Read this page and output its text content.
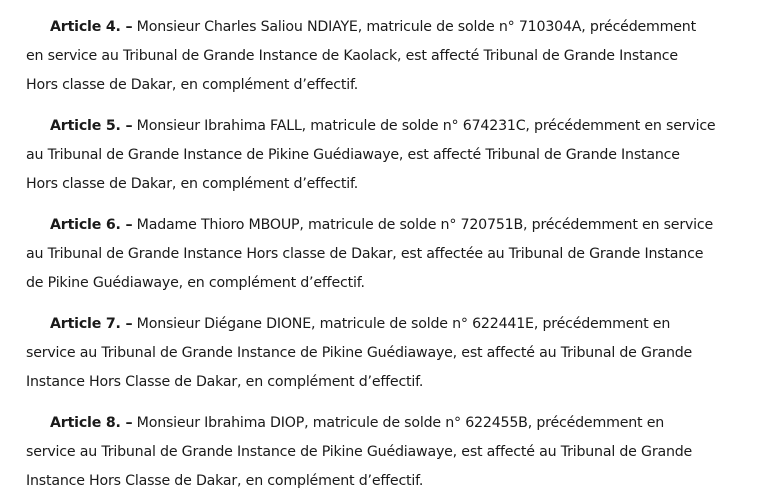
Article 4. – Monsieur Charles Saliou NDIAYE, matricule de solde n° 710304A, précédemment
en service au Tribunal de Grande Instance de Kaolack, est affecté Tribunal de Grande Instance
Hors classe de Dakar, en complément d’effectif.

Article 5. – Monsieur Ibrahima FALL, matricule de solde n° 674231C, précédemment en service
au Tribunal de Grande Instance de Pikine Guédiawaye, est affecté Tribunal de Grande Instance
Hors classe de Dakar, en complément d’effectif.

Article 6. – Madame Thioro MBOUP, matricule de solde n° 720751B, précédemment en service
au Tribunal de Grande Instance Hors classe de Dakar, est affectée au Tribunal de Grande Instance
de Pikine Guédiawaye, en complément d’effectif.

Article 7. – Monsieur Diégane DIONE, matricule de solde n° 622441E, précédemment en
service au Tribunal de Grande Instance de Pikine Guédiawaye, est affecté au Tribunal de Grande
Instance Hors Classe de Dakar, en complément d’effectif.

Article 8. – Monsieur Ibrahima DIOP, matricule de solde n° 622455B, précédemment en
service au Tribunal de Grande Instance de Pikine Guédiawaye, est affecté au Tribunal de Grande
Instance Hors Classe de Dakar, en complément d’effectif.
